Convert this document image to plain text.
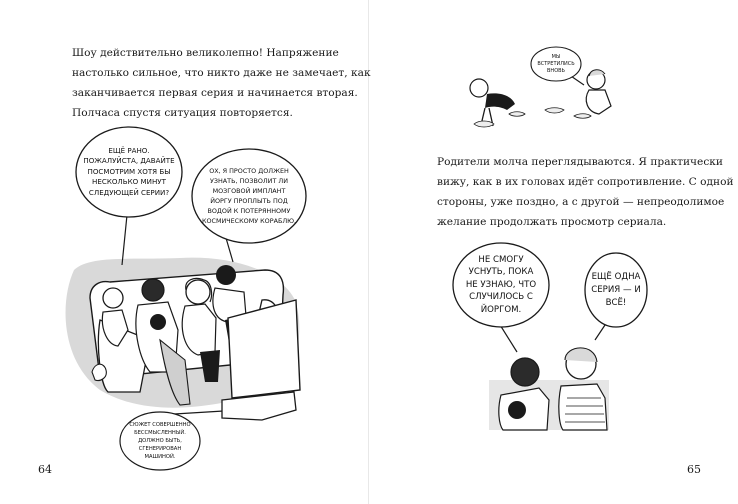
Шоу действительно великолепно! Напряжение
настолько сильное, что никто даже не замечает, как
заканчивается первая серия и начинается вторая.
Полчаса спустя ситуация повторяется.
ЕЩЁ РАНО.
ПОЖАЛУЙСТА, ДАВАЙТЕ
ПОСМОТРИМ ХОТЯ БЫ
НЕСКОЛЬКО МИНУТ
СЛЕДУЮЩЕЙ СЕРИИ?
ОХ, Я ПРОСТО ДОЛЖЕН
УЗНАТЬ, ПОЗВОЛИТ ЛИ
МОЗГОВОЙ ИМПЛАНТ
ЙОРГУ ПРОПЛЫТЬ ПОД
ВОДОЙ К ПОТЕРЯННОМУ
КОСМИЧЕСКОМУ КОРАБЛЮ.
СЮЖЕТ СОВЕРШЕННО
БЕССМЫСЛЕННЫЙ.
ДОЛЖНО БЫТЬ,
СГЕНЕРИРОВАН
МАШИНОЙ.
64
МЫ
ВСТРЕТИЛИСЬ
ВНОВЬ
Родители молча переглядываются. Я практически
вижу, как в их головах идёт сопротивление. С одной
стороны, уже поздно, а с другой — непреодолимое
желание продолжать просмотр сериала.
НЕ СМОГУ
УСНУТЬ, ПОКА
НЕ УЗНАЮ, ЧТО
СЛУЧИЛОСЬ С
ЙОРГОМ.
ЕЩЁ ОДНА
СЕРИЯ — И
ВСЁ!
65
